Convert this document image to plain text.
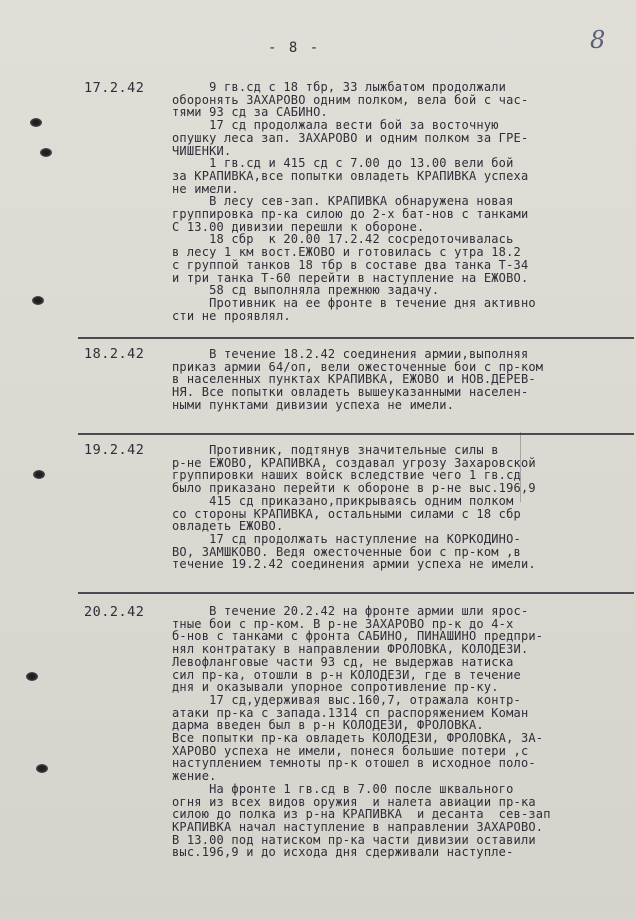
- 8 -	8
17.2.42 9 гв.сд с 18 тбр, 33 лыжбатом продолжали

оборонять ЗАХАРОВО одним полком, вела бой с час-

тями 93 сд за САБИНО.

17 сд продолжала вести бой за восточную

опушку леса зап. ЗАХАРОВО и одним полком за ГРЕ-

ЧИШЕНКИ.

1 гв.сд и 415 сд с 7.00 до 13.00 вели бой

за КРАПИВКА,все попытки овладеть КРАПИВКА успеха

не имели.

В лесу сев-зап. КРАПИВКА обнаружена новая

группировка пр-ка силою до 2-х бат-нов с танками

С 13.00 дивизии перешли к обороне.

18 сбр  к 20.00 17.2.42 сосредоточивалась

в лесу 1 км вост.ЕЖОВО и готовилась с утра 18.2

с группой танков 18 тбр в составе два танка Т-34

и три танка Т-60 перейти в наступление на ЕЖОВО.

58 сд выполняла прежнюю задачу.

Противник на ее фронте в течение дня активно

сти не проявлял.

18.2.42 В течение 18.2.42 соединения армии,выполняя

приказ армии 64/оп, вели ожесточенные бои с пр-ком

в населенных пунктах КРАПИВКА, ЕЖОВО и НОВ.ДЕРЕВ-

НЯ. Все попытки овладеть вышеуказанными населен-

ными пунктами дивизии успеха не имели.

19.2.42 Противник, подтянув значительные силы в

р-не ЕЖОВО, КРАПИВКА, создавал угрозу Захаровской

группировки наших войск вследствие чего 1 гв.сд

было приказано перейти к обороне в р-не выс.196,9

415 сд приказано,прикрываясь одним полком

со стороны КРАПИВКА, остальными силами с 18 сбр

овладеть ЕЖОВО.

17 сд продолжать наступление на КОРКОДИНО-

ВО, ЗАМШКОВО. Ведя ожесточенные бои с пр-ком ,в

течение 19.2.42 соединения армии успеха не имели.

20.2.42 В течение 20.2.42 на фронте армии шли ярос-

тные бои с пр-ком. В р-не ЗАХАРОВО пр-к до 4-х

б-нов с танками с фронта САБИНО, ПИНАШИНО предпри-

нял контратаку в направлении ФРОЛОВКА, КОЛОДЕЗИ.

Левофланговые части 93 сд, не выдержав натиска

сил пр-ка, отошли в р-н КОЛОДЕЗИ, где в течение

дня и оказывали упорное сопротивление пр-ку.

17 сд,удерживая выс.160,7, отражала контр-

атаки пр-ка с запада.1314 сп распоряжением Коман

дарма введен был в р-н КОЛОДЕЗИ, ФРОЛОВКА.

Все попытки пр-ка овладеть КОЛОДЕЗИ, ФРОЛОВКА, ЗА-

ХАРОВО успеха не имели, понеся большие потери ,с

наступлением темноты пр-к отошел в исходное поло-

жение.

На фронте 1 гв.сд в 7.00 после шквального

огня из всех видов оружия  и налета авиации пр-ка

силою до полка из р-на КРАПИВКА  и десанта  сев-зап

КРАПИВКА начал наступление в направлении ЗАХАРОВО.

В 13.00 под натиском пр-ка части дивизии оставили

выс.196,9 и до исхода дня сдерживали наступле-
